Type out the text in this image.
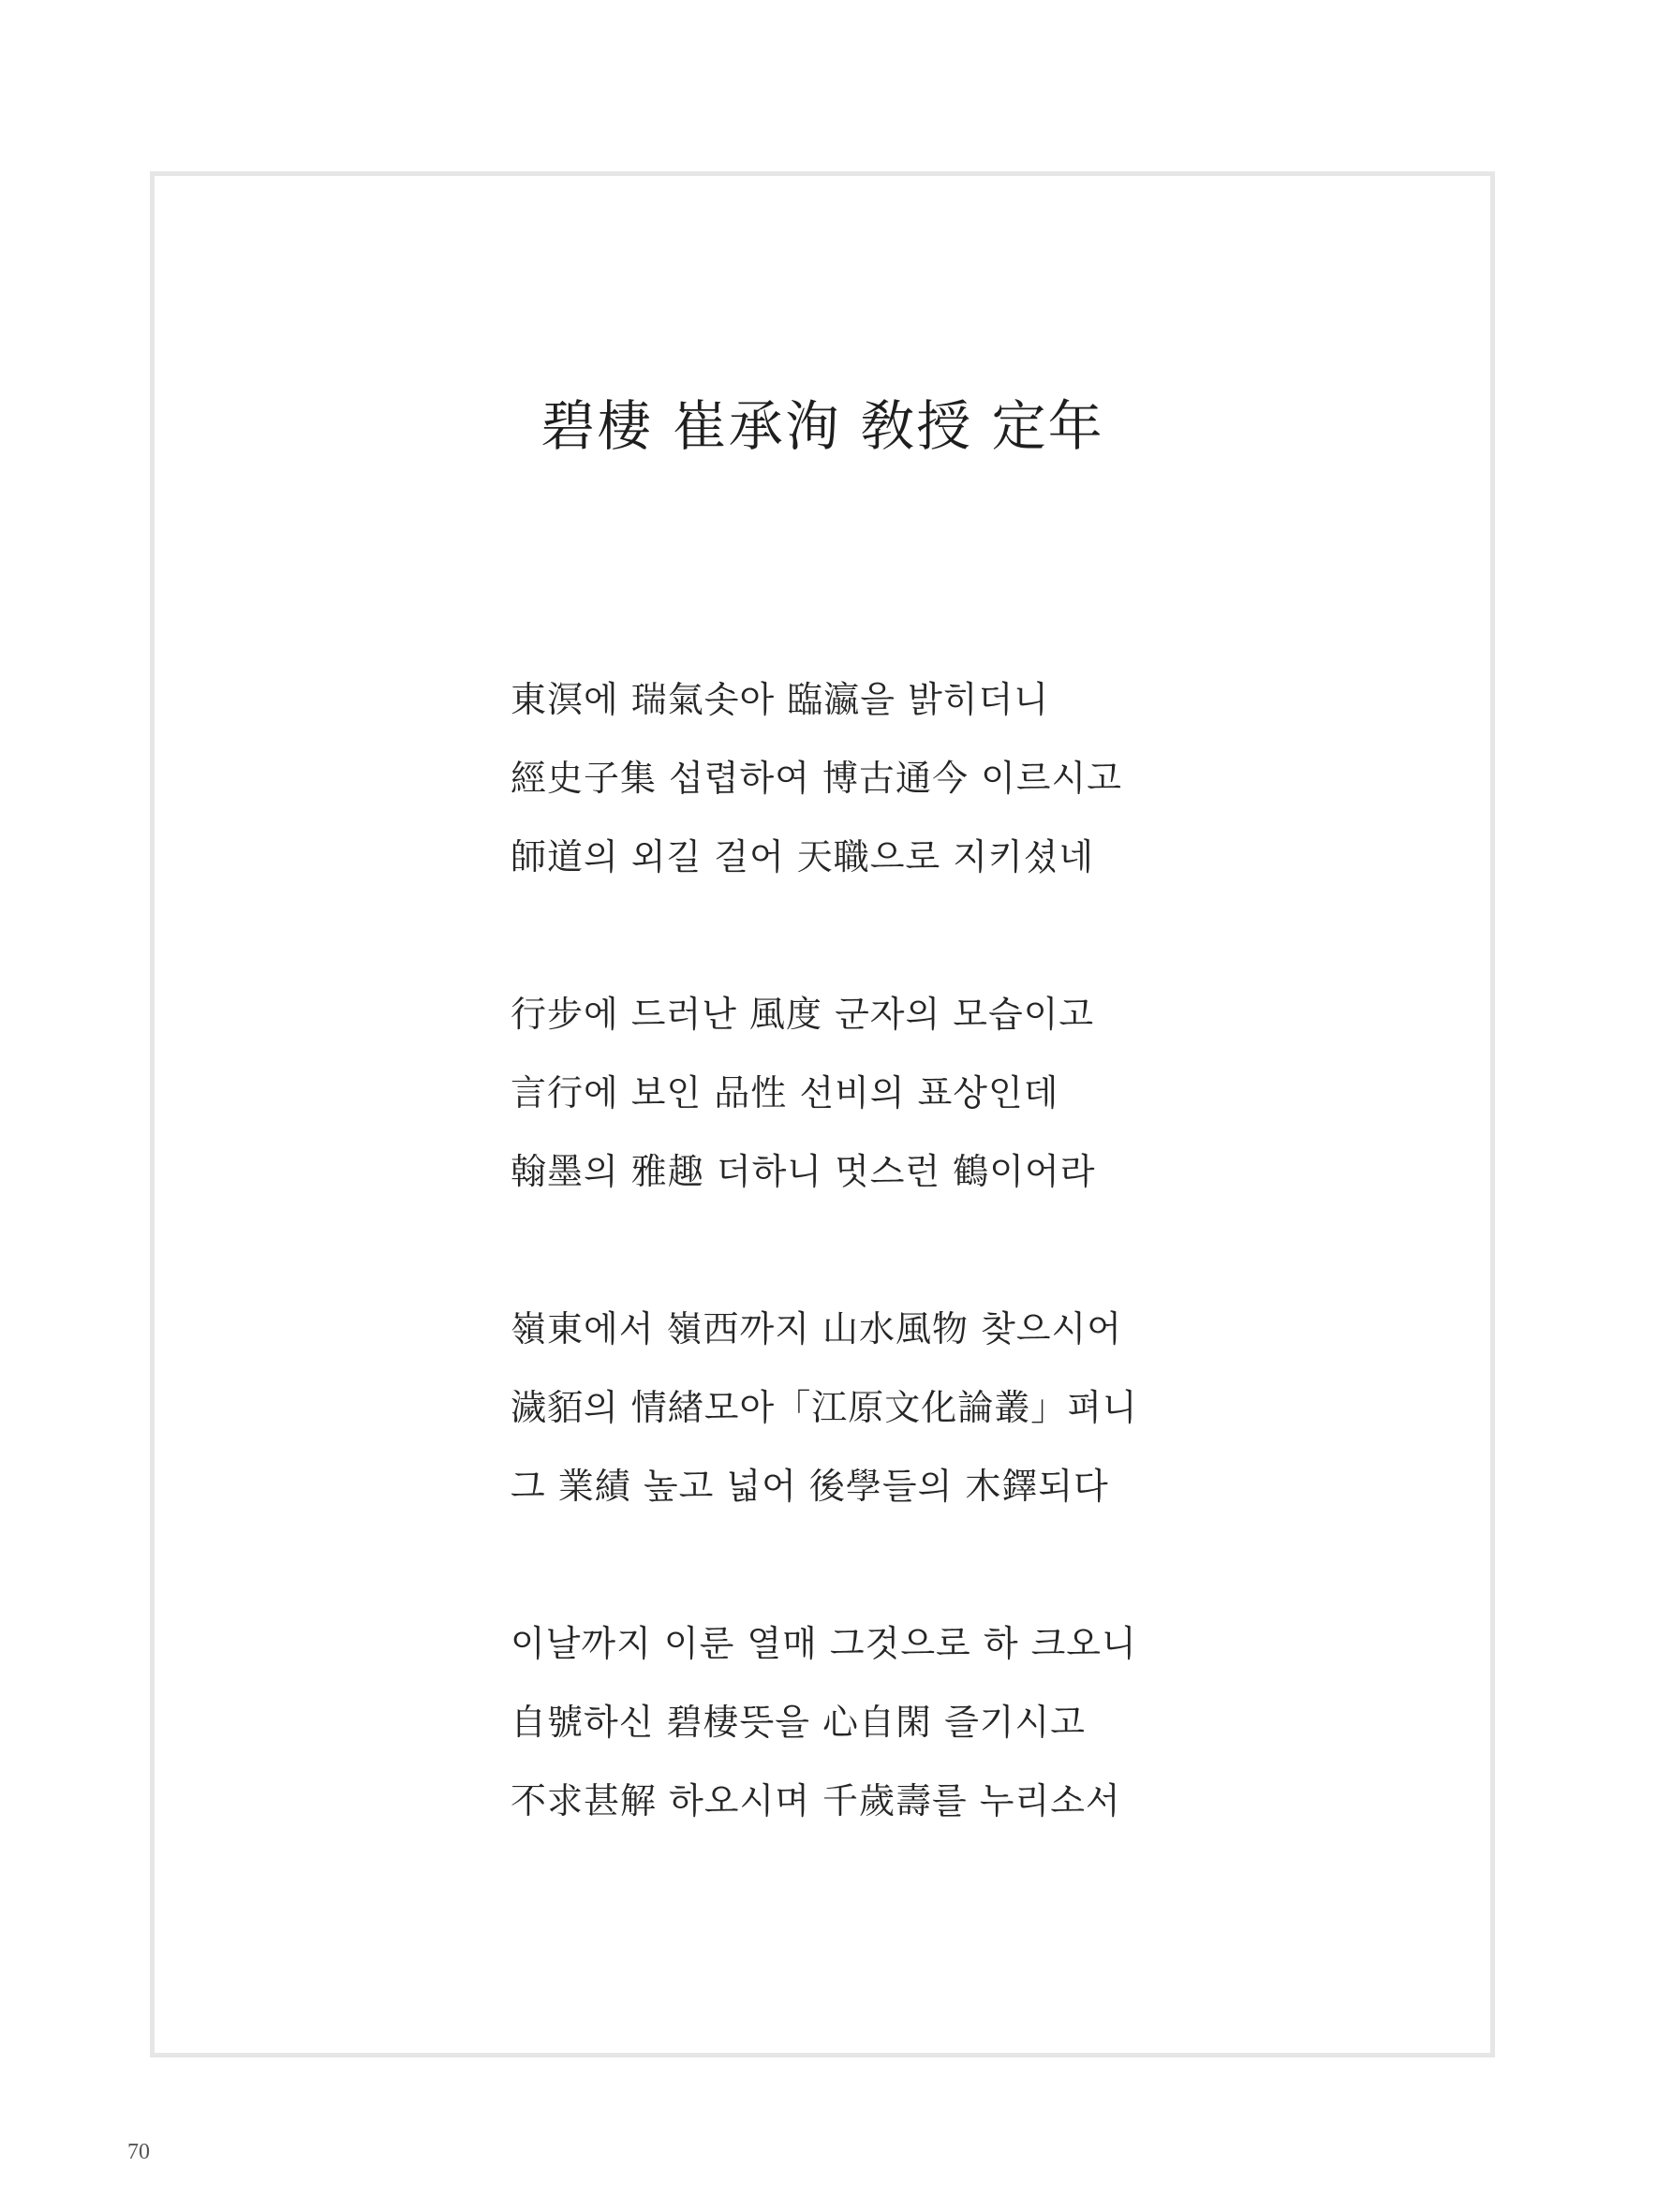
碧棲 崔承洵 敎授 定年
東溟에 瑞氣솟아 臨瀛을 밝히더니
經史子集 섭렵하여 博古通今 이르시고
師道의 외길 걸어 天職으로 지키셨네
行步에 드러난 風度 군자의 모습이고
言行에 보인 品性 선비의 표상인데
翰墨의 雅趣 더하니 멋스런 鶴이어라
嶺東에서 嶺西까지 山水風物 찾으시어
濊貊의 情緖모아「江原文化論叢」펴니
그 業績 높고 넓어 後學들의 木鐸되다
이날까지 이룬 열매 그것으로 하 크오니
自號하신 碧棲뜻을 心自閑 즐기시고
不求甚解 하오시며 千歲壽를 누리소서
70
